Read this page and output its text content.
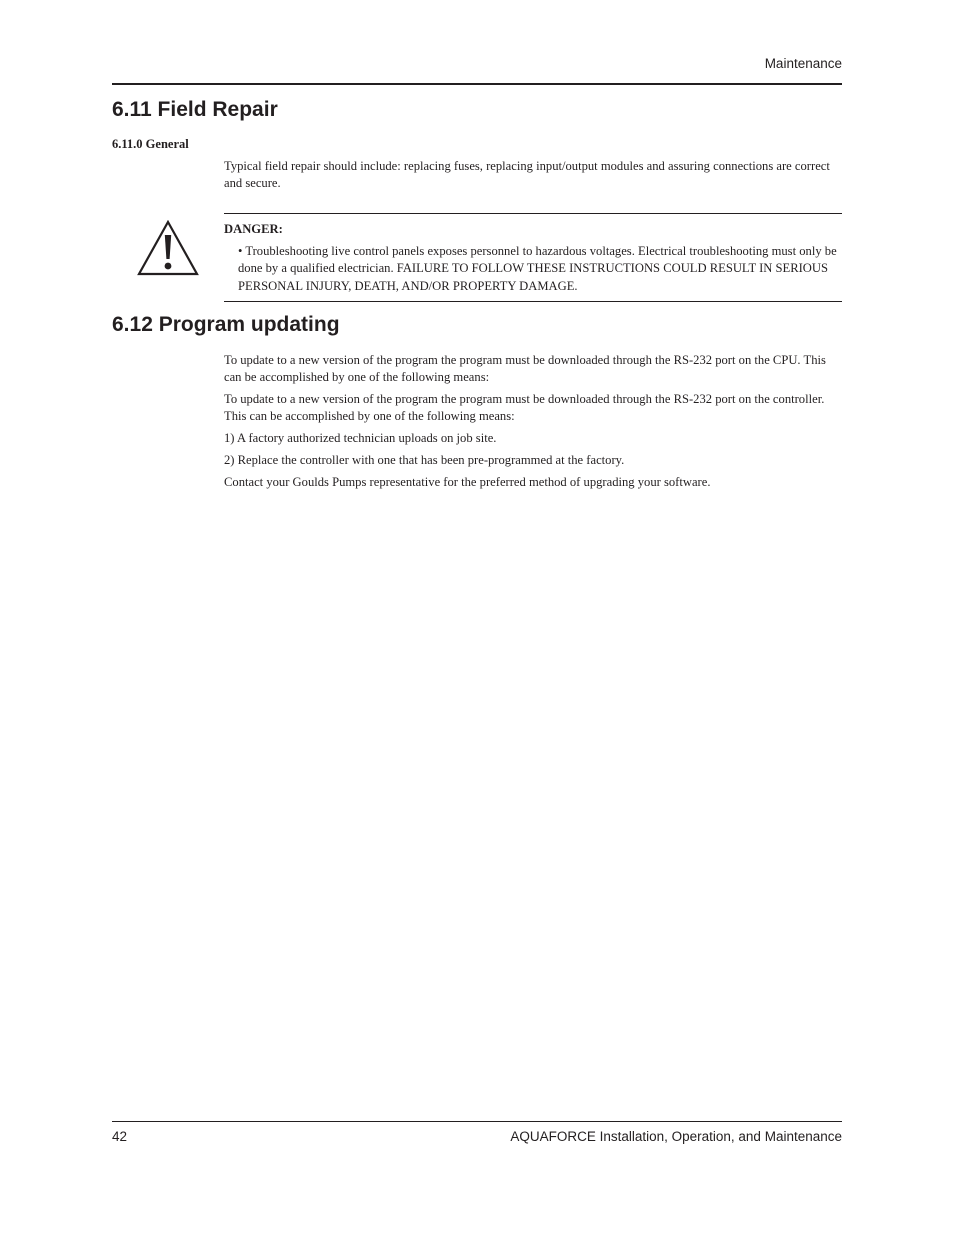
Maintenance
6.11 Field Repair
6.11.0 General
Typical field repair should include: replacing fuses, replacing input/output modules and assuring connections are correct and secure.
DANGER:
• Troubleshooting live control panels exposes personnel to hazardous voltages. Electrical troubleshooting must only be done by a qualified electrician. FAILURE TO FOLLOW THESE INSTRUCTIONS COULD RESULT IN SERIOUS PERSONAL INJURY, DEATH, AND/OR PROPERTY DAMAGE.
6.12 Program updating

To update to a new version of the program the program must be downloaded through the RS-232 port on the CPU. This can be accomplished by one of the following means:

To update to a new version of the program the program must be downloaded through the RS-232 port on the controller. This can be accomplished by one of the following means:

1) A factory authorized technician uploads on job site.

2) Replace the controller with one that has been pre-programmed at the factory.

Contact your Goulds Pumps representative for the preferred method of upgrading your software.

42	AQUAFORCE Installation, Operation, and Maintenance
